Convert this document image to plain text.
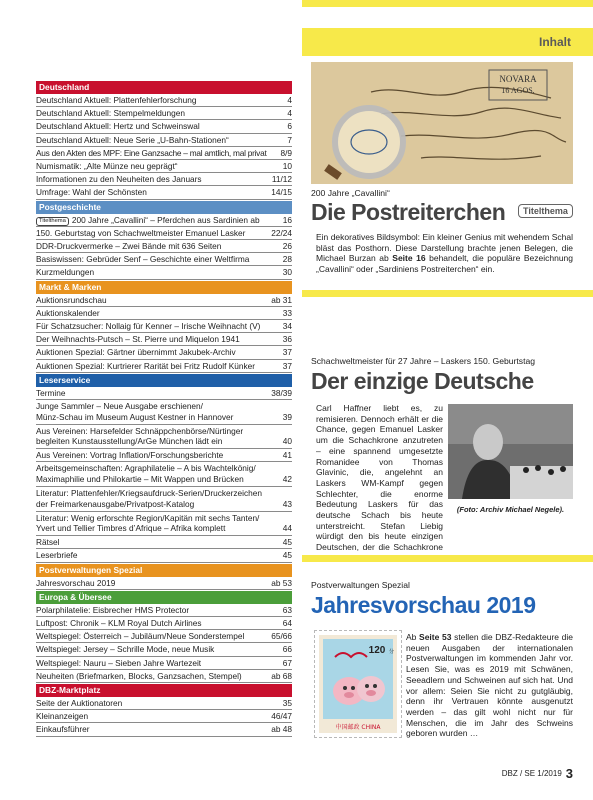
Inhalt
Deutschland
Deutschland Aktuell: Plattenfehlerforschung	4
Deutschland Aktuell: Stempelmeldungen	4
Deutschland Aktuell: Hertz und Schweinswal	6
Deutschland Aktuell: Neue Serie „U-Bahn-Stationen“	7
Aus den Akten des MPF: Eine Ganzsache – mal amtlich, mal privat	8/9
Numismatik: „Alte Münze neu geprägt“	10
Informationen zu den Neuheiten des Januars	11/12
Umfrage: Wahl der Schönsten	14/15
Postgeschichte
Titelthema 200 Jahre „Cavallini“ – Pferdchen aus Sardinien ab	16
150. Geburtstag von Schachweltmeister Emanuel Lasker	22/24
DDR-Druckvermerke – Zwei Bände mit 636 Seiten	26
Basiswissen: Gebrüder Senf – Geschichte einer Weltfirma	28
Kurzmeldungen	30
Markt & Marken
Auktionsrundschau	ab 31
Auktionskalender	33
Für Schatzsucher: Nollaig für Kenner – Irische Weihnacht (V)	34
Der Weihnachts-Putsch – St. Pierre und Miquelon 1941	36
Auktionen Spezial: Gärtner übernimmt Jakubek-Archiv	37
Auktionen Spezial: Kurtrierer Rarität bei Fritz Rudolf Künker	37
Leserservice
Termine	38/39
Junge Sammler – Neue Ausgabe erschienen/
Münz-Schau im Museum August Kestner in Hannover	39
Aus Vereinen: Harsefelder Schnäppchenbörse/Nürtinger
begleiten Kunstausstellung/ArGe München lädt ein	40
Aus Vereinen: Vortrag Inflation/Forschungsberichte	41
Arbeitsgemeinschaften: Agraphilatelie – A bis Wachtelkönig/
Maximaphilie und Philokartie – Mit Wappen und Brücken	42
Literatur: Plattenfehler/Kriegsaufdruck-Serien/Druckerzeichen
der Freimarkenausgabe/Privatpost-Katalog	43
Literatur: Wenig erforschte Region/Kapitän mit sechs Tanten/
Yvert und Tellier Timbres d’Afrique – Afrika komplett	44
Rätsel	45
Leserbriefe	45
Postverwaltungen Spezial
Jahresvorschau 2019	ab 53
Europa & Übersee
Polarphilatelie: Eisbrecher HMS Protector	63
Luftpost: Chronik – KLM Royal Dutch Airlines	64
Weltspiegel: Österreich – Jubiläum/Neue Sonderstempel	65/66
Weltspiegel: Jersey – Schrille Mode, neue Musik	66
Weltspiegel: Nauru – Sieben Jahre Wartezeit	67
Neuheiten (Briefmarken, Blocks, Ganzsachen, Stempel)	ab 68
DBZ-Marktplatz
Seite der Auktionatoren	35
Kleinanzeigen	46/47
Einkaufsführer	ab 48
NOVARA
16 AGOS.
200 Jahre „Cavallini“
Die Postreiterchen	Titelthema
Ein dekoratives Bildsymbol: Ein kleiner Genius mit wehendem Schal bläst das Posthorn. Diese Darstellung brachte jenen Belegen, die Michael Burzan ab Seite 16 behandelt, die populäre Bezeichnung „Cavallini“ oder „Sardiniens Postreiterchen“ ein.
Schachweltmeister für 27 Jahre – Laskers 150. Geburtstag
Der einzige Deutsche
(Foto: Archiv Michael Negele).
Carl Haffner liebt es, zu remisieren. Dennoch erhält er die Chance, gegen Emanuel Lasker um die Schachkrone anzutreten – eine spannend umgesetzte Romanidee von Thomas Glavinic, die, angelehnt an Laskers WM-Kampf gegen Schlechter, die enorme Bedeutung Laskers für das deutsche Schach bis heute unterstreicht. Stefan Liebig würdigt den bis heute einzigen Deutschen, der die Schachkrone
Postverwaltungen Spezial
Jahresvorschau 2019
120 分
中国邮政 CHINA
Ab Seite 53 stellen die DBZ-Redakteure die neuen Ausgaben der internationalen Postverwaltungen im kommenden Jahr vor. Lesen Sie, was es 2019 mit Schwänen, Seeadlern und Schweinen auf sich hat. Und vor allem: Seien Sie nicht zu gutgläubig, denn ihr Vertrauen könnte ausgenutzt werden – das gilt wohl nicht nur für Menschen, die im Jahr des Schweins geboren wurden …
DBZ / SE 1/2019 3
